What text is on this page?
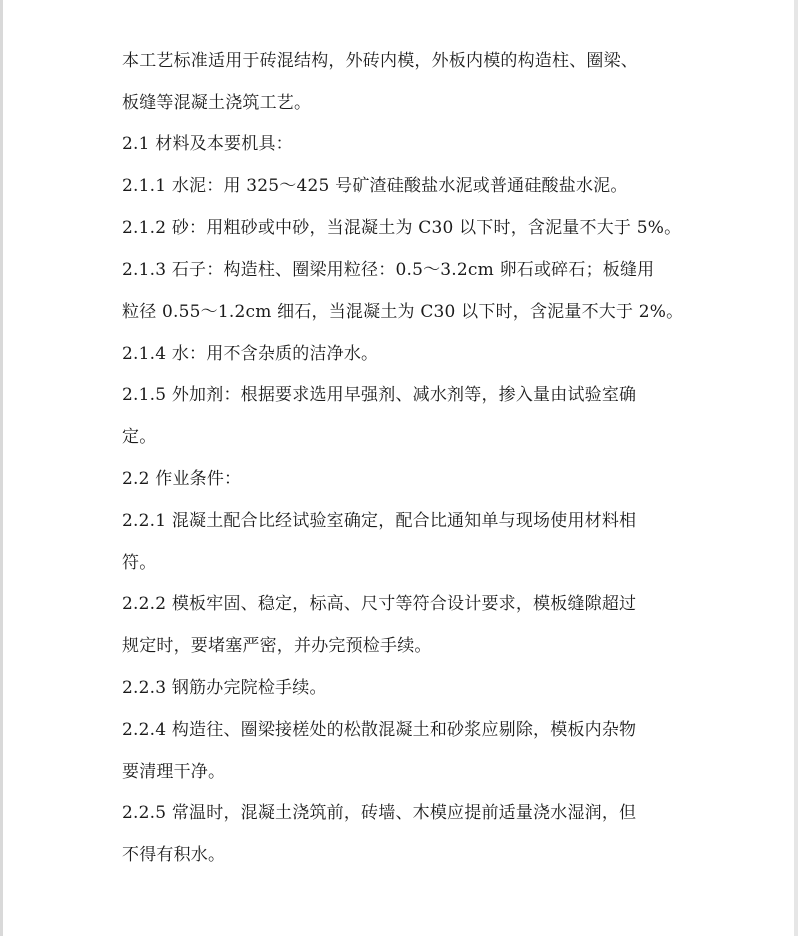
本工艺标准适用于砖混结构，外砖内模，外板内模的构造柱、圈梁、
板缝等混凝土浇筑工艺。
2.1 材料及本要机具：
2.1.1 水泥：用 325～425 号矿渣硅酸盐水泥或普通硅酸盐水泥。
2.1.2 砂：用粗砂或中砂，当混凝土为 C30 以下时，含泥量不大于 5%。
2.1.3 石子：构造柱、圈梁用粒径：0.5～3.2cm 卵石或碎石；板缝用
粒径 0.55～1.2cm 细石，当混凝土为 C30 以下时，含泥量不大于 2%。
2.1.4 水：用不含杂质的洁净水。
2.1.5 外加剂：根据要求选用早强剂、减水剂等，掺入量由试验室确
定。
2.2 作业条件：
2.2.1 混凝土配合比经试验室确定，配合比通知单与现场使用材料相
符。
2.2.2 模板牢固、稳定，标高、尺寸等符合设计要求，模板缝隙超过
规定时，要堵塞严密，并办完预检手续。
2.2.3 钢筋办完院检手续。
2.2.4 构造往、圈梁接槎处的松散混凝土和砂浆应剔除，模板内杂物
要清理干净。
2.2.5 常温时，混凝土浇筑前，砖墙、木模应提前适量浇水湿润，但
不得有积水。
